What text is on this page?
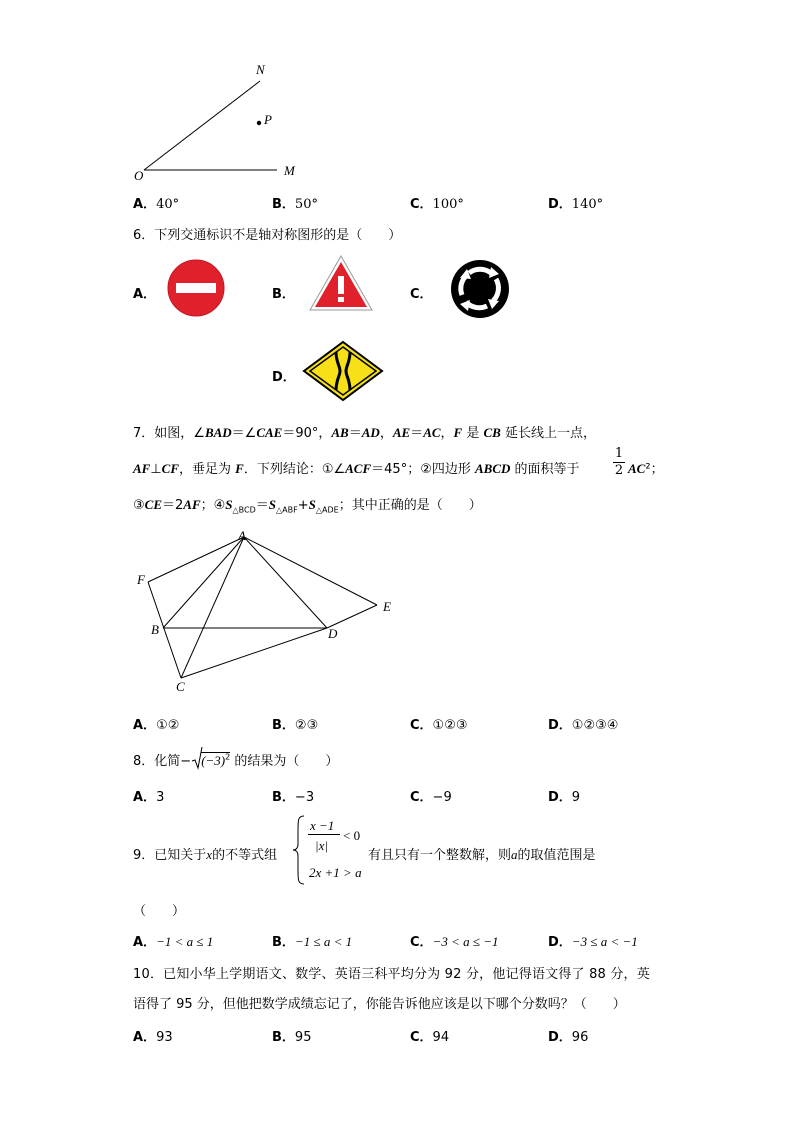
N
P
O	M
A．40°	B．50°	C．100°	D．140°
6．下列交通标识不是轴对称图形的是（　　）
A．	B．	C．
D．
7．如图，∠BAD＝∠CAE＝90°，AB＝AD，AE＝AC，F 是 CB 延长线上一点，
AF⊥CF，垂足为 F．下列结论：①∠ACF＝45°；②四边形 ABCD 的面积等于
1
2 AC²；
③CE＝2AF；$④S_{\triangle BCD}=S_{\triangle ABF}+S_{\triangle ADE}$；其中正确的是（　　）
A
F
E
B	D
C
A．①②	B．②③	C．①②③	D．①②③④
8．化简− $(-3)^2$ 的结果为（　　）
A．3	B．−3	C．−9	D．9
9．已知关于x的不等式组
x −1
|x|
< 0
2x +1 > a
有且只有一个整数解，则a的取值范围是
（　　）
A．−1 < a ≤ 1	B．−1 ≤ a < 1	C．−3 < a ≤ −1	D．−3 ≤ a < −1
10．已知小华上学期语文、数学、英语三科平均分为 92 分，他记得语文得了 88 分，英
语得了 95 分，但他把数学成绩忘记了，你能告诉他应该是以下哪个分数吗？（　　）
A．93	B．95	C．94	D．96
